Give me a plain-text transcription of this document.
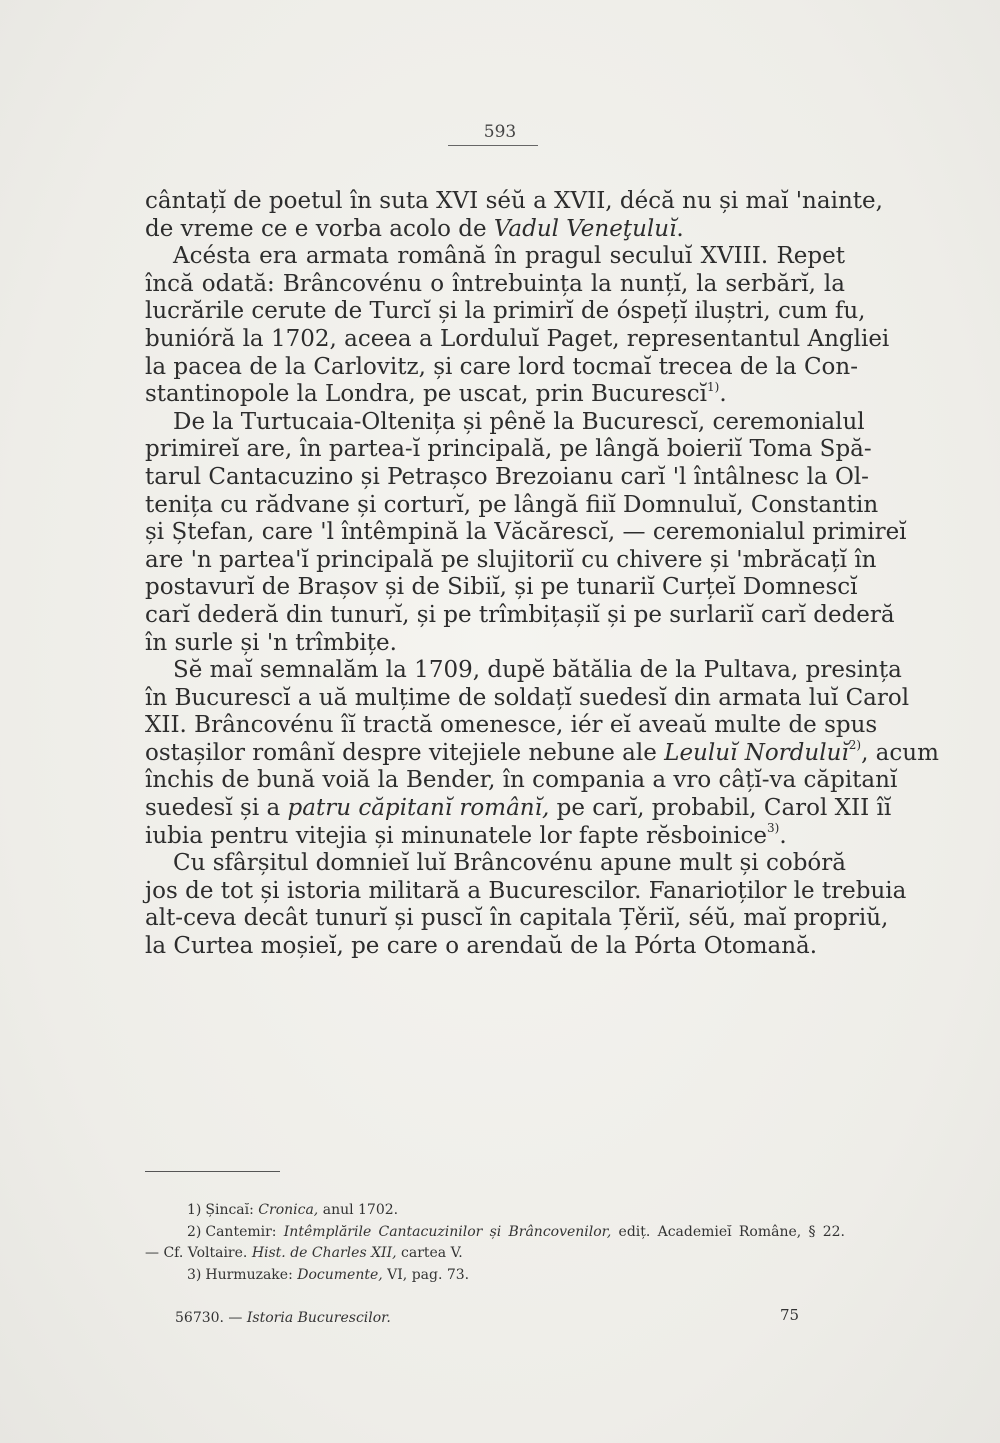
593
cântațĭ de poetul în suta XVI séŭ a XVII, décă nu și maĭ 'nainte,
de vreme ce e vorba acolo de Vadul Veneţuluĭ.
Acésta era armata română în pragul seculuĭ XVIII. Repet
încă odată: Brâncovénu o întrebuința la nunțĭ, la serbărĭ, la
lucrările cerute de Turcĭ și la primirĭ de óspețĭ iluștri, cum fu,
bunióră la 1702, aceea a Lorduluĭ Paget, representantul Angliei
la pacea de la Carlovitz, și care lord tocmaĭ trecea de la Con-
stantinopole la Londra, pe uscat, prin Bucurescĭ$^{1)}$.
De la Turtucaia-Oltenița și pênĕ la Bucurescĭ, ceremonialul
primireĭ are, în partea-ĭ principală, pe lângă boieriĭ Toma Spă-
tarul Cantacuzino și Petrașco Brezoianu carĭ 'l întâlnesc la Ol-
tenița cu rădvane și corturĭ, pe lângă fiiĭ Domnuluĭ, Constantin
și Ștefan, care 'l întêmpină la Văcărescĭ, — ceremonialul primireĭ
are 'n partea'ĭ principală pe slujitoriĭ cu chivere și 'mbrăcațĭ în
postavurĭ de Brașov și de Sibiĭ, și pe tunariĭ Curțeĭ Domnescĭ
carĭ dederă din tunurĭ, și pe trîmbițașiĭ și pe surlariĭ carĭ dederă
în surle și 'n trîmbițe.
Sĕ maĭ semnalăm la 1709, dupĕ bătălia de la Pultava, presința
în Bucurescĭ a uă mulțime de soldațĭ suedesĭ din armata luĭ Carol
XII. Brâncovénu îĭ tractă omenesce, iér eĭ aveaŭ multe de spus
ostașilor românĭ despre vitejiele nebune ale Leuluĭ Norduluĭ$^{2)}$, acum
închis de bună voiă la Bender, în compania a vro câțĭ-va căpitanĭ
suedesĭ și a patru căpitanĭ românĭ, pe carĭ, probabil, Carol XII îĭ
iubia pentru vitejia și minunatele lor fapte rĕsboinice$^{3)}$.
Cu sfârșitul domnieĭ luĭ Brâncovénu apune mult și cobóră
jos de tot și istoria militară a Bucurescilor. Fanarioților le trebuia
alt-ceva decât tunurĭ și puscĭ în capitala Țěriĭ, séŭ, maĭ propriŭ,
la Curtea moșieĭ, pe care o arendaŭ de la Pórta Otomană.
1) Șincaĭ: Cronica, anul 1702.
2) Cantemir: Intêmplările Cantacuzinilor și Brâncovenilor, ediț. Academieĭ Române, § 22.
— Cf. Voltaire. Hist. de Charles XII, cartea V.
3) Hurmuzake: Documente, VI, pag. 73.
56730. — Istoria Bucurescilor.	75
